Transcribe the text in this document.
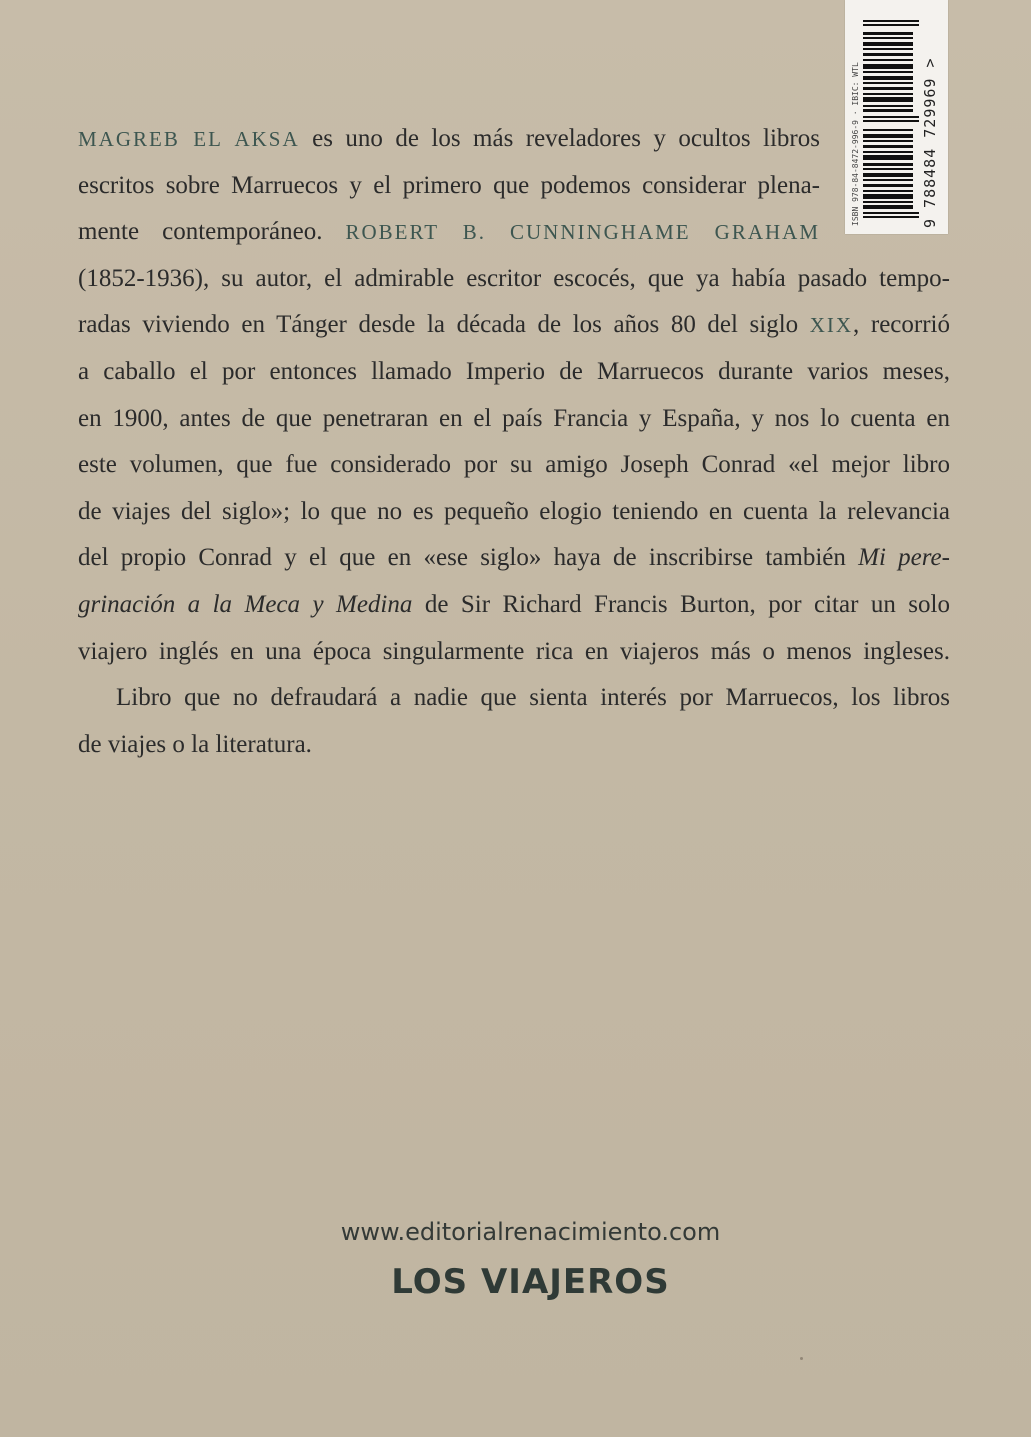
ISBN 978-84-8472-996-9 · IBIC: WTL	9 788484 729969 >
MAGREB EL AKSA es uno de los más reveladores y ocultos libros
escritos sobre Marruecos y el primero que podemos considerar plena-
mente contemporáneo. ROBERT B. CUNNINGHAME GRAHAM
(1852-1936), su autor, el admirable escritor escocés, que ya había pasado tempo-
radas viviendo en Tánger desde la década de los años 80 del siglo XIX, recorrió
a caballo el por entonces llamado Imperio de Marruecos durante varios meses,
en 1900, antes de que penetraran en el país Francia y España, y nos lo cuenta en
este volumen, que fue considerado por su amigo Joseph Conrad «el mejor libro
de viajes del siglo»; lo que no es pequeño elogio teniendo en cuenta la relevancia
del propio Conrad y el que en «ese siglo» haya de inscribirse también Mi pere-
grinación a la Meca y Medina de Sir Richard Francis Burton, por citar un solo
viajero inglés en una época singularmente rica en viajeros más o menos ingleses.
Libro que no defraudará a nadie que sienta interés por Marruecos, los libros
de viajes o la literatura.
www.editorialrenacimiento.com
LOS VIAJEROS
